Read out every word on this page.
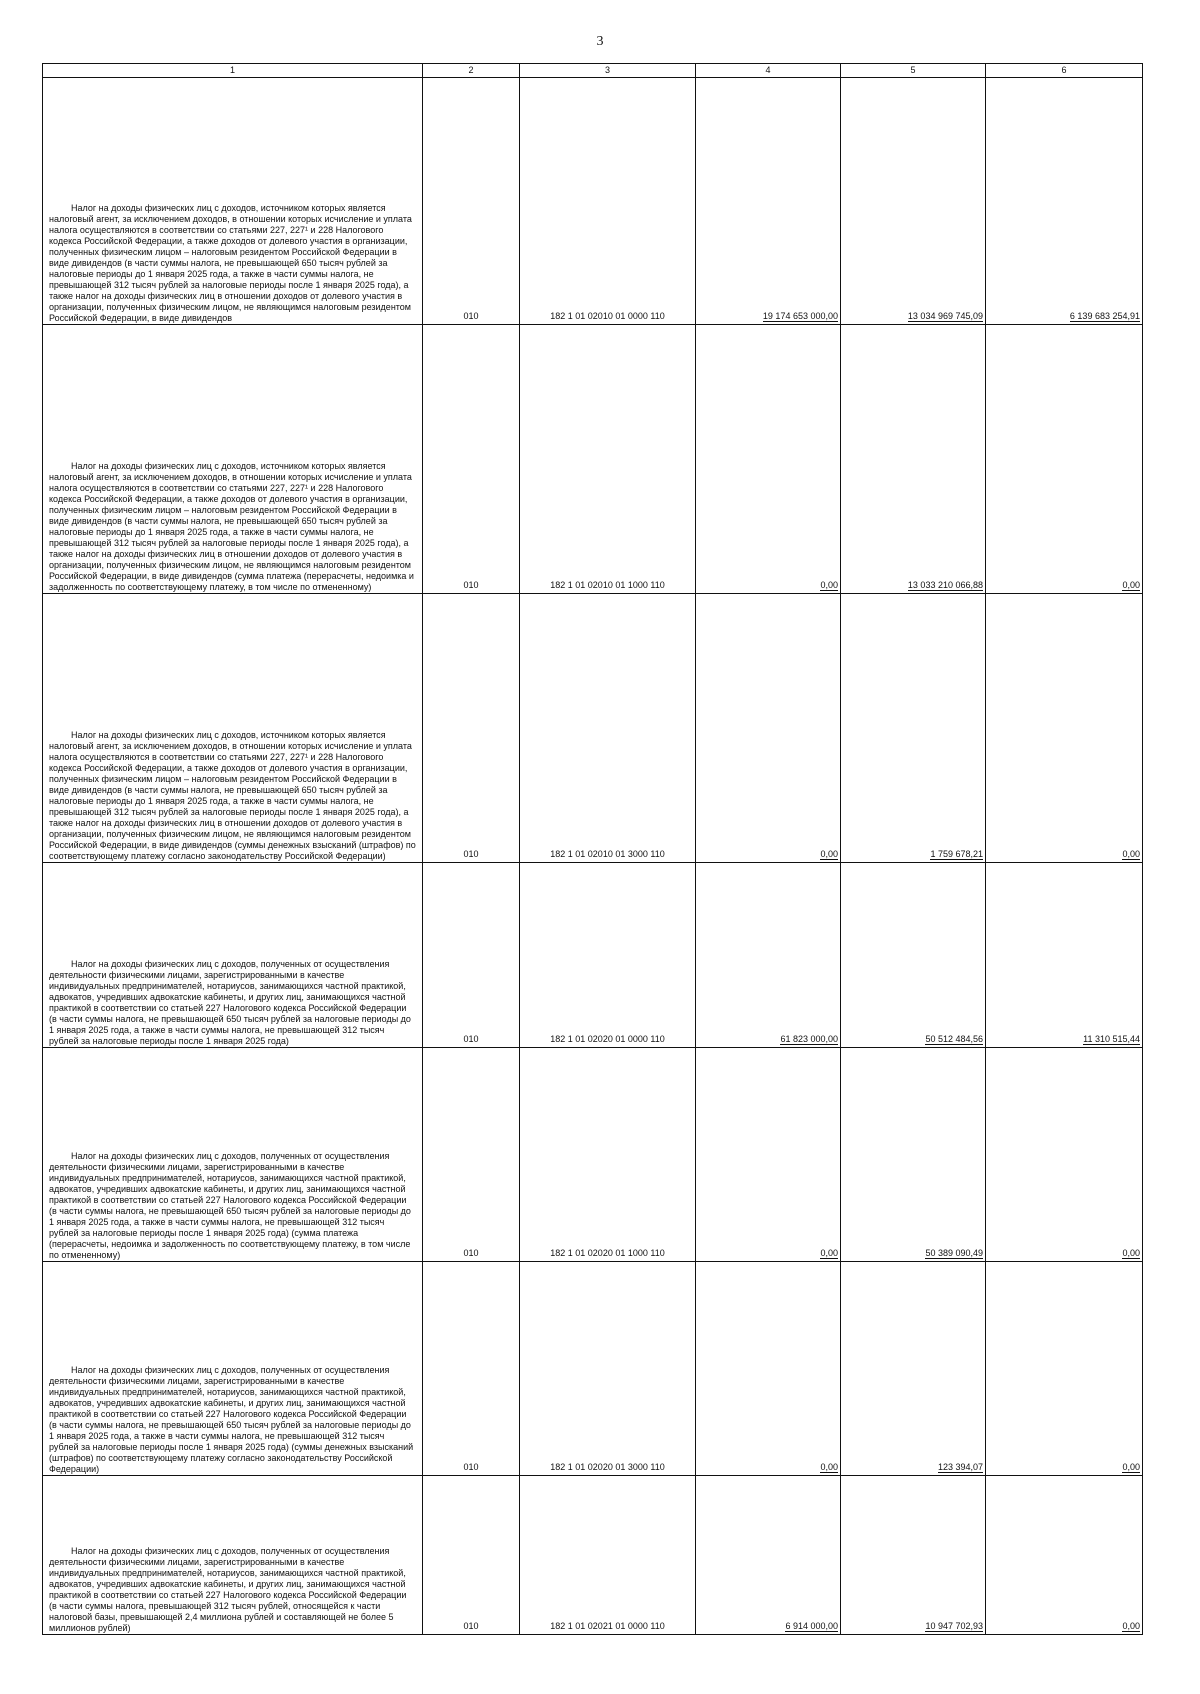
3
1	2	3	4	5	6

Налог на доходы физических лиц с доходов, источником которых является налоговый агент, за исключением доходов, в отношении которых исчисление и уплата налога осуществляются в соответствии со статьями 227, 227¹ и 228 Налогового кодекса Российской Федерации, а также доходов от долевого участия в организации, полученных физическим лицом – налоговым резидентом Российской Федерации в виде дивидендов (в части суммы налога, не превышающей 650 тысяч рублей за налоговые периоды до 1 января 2025 года, а также в части суммы налога, не превышающей 312 тысяч рублей за налоговые периоды после 1 января 2025 года), а также налог на доходы физических лиц в отношении доходов от долевого участия в организации, полученных физическим лицом, не являющимся налоговым резидентом Российской Федерации, в виде дивидендов	010	182 1 01 02010 01 0000 110	19 174 653 000,00	13 034 969 745,09	6 139 683 254,91

Налог на доходы физических лиц с доходов, источником которых является налоговый агент, за исключением доходов, в отношении которых исчисление и уплата налога осуществляются в соответствии со статьями 227, 227¹ и 228 Налогового кодекса Российской Федерации, а также доходов от долевого участия в организации, полученных физическим лицом – налоговым резидентом Российской Федерации в виде дивидендов (в части суммы налога, не превышающей 650 тысяч рублей за налоговые периоды до 1 января 2025 года, а также в части суммы налога, не превышающей 312 тысяч рублей за налоговые периоды после 1 января 2025 года), а также налог на доходы физических лиц в отношении доходов от долевого участия в организации, полученных физическим лицом, не являющимся налоговым резидентом Российской Федерации, в виде дивидендов (сумма платежа (перерасчеты, недоимка и задолженность по соответствующему платежу, в том числе по отмененному)	010	182 1 01 02010 01 1000 110	0,00	13 033 210 066,88	0,00

Налог на доходы физических лиц с доходов, источником которых является налоговый агент, за исключением доходов, в отношении которых исчисление и уплата налога осуществляются в соответствии со статьями 227, 227¹ и 228 Налогового кодекса Российской Федерации, а также доходов от долевого участия в организации, полученных физическим лицом – налоговым резидентом Российской Федерации в виде дивидендов (в части суммы налога, не превышающей 650 тысяч рублей за налоговые периоды до 1 января 2025 года, а также в части суммы налога, не превышающей 312 тысяч рублей за налоговые периоды после 1 января 2025 года), а также налог на доходы физических лиц в отношении доходов от долевого участия в организации, полученных физическим лицом, не являющимся налоговым резидентом Российской Федерации, в виде дивидендов (суммы денежных взысканий (штрафов) по соответствующему платежу согласно законодательству Российской Федерации)	010	182 1 01 02010 01 3000 110	0,00	1 759 678,21	0,00

Налог на доходы физических лиц с доходов, полученных от осуществления деятельности физическими лицами, зарегистрированными в качестве индивидуальных предпринимателей, нотариусов, занимающихся частной практикой, адвокатов, учредивших адвокатские кабинеты, и других лиц, занимающихся частной практикой в соответствии со статьей 227 Налогового кодекса Российской Федерации (в части суммы налога, не превышающей 650 тысяч рублей за налоговые периоды до 1 января 2025 года, а также в части суммы налога, не превышающей 312 тысяч рублей за налоговые периоды после 1 января 2025 года)	010	182 1 01 02020 01 0000 110	61 823 000,00	50 512 484,56	11 310 515,44

Налог на доходы физических лиц с доходов, полученных от осуществления деятельности физическими лицами, зарегистрированными в качестве индивидуальных предпринимателей, нотариусов, занимающихся частной практикой, адвокатов, учредивших адвокатские кабинеты, и других лиц, занимающихся частной практикой в соответствии со статьей 227 Налогового кодекса Российской Федерации (в части суммы налога, не превышающей 650 тысяч рублей за налоговые периоды до 1 января 2025 года, а также в части суммы налога, не превышающей 312 тысяч рублей за налоговые периоды после 1 января 2025 года) (сумма платежа (перерасчеты, недоимка и задолженность по соответствующему платежу, в том числе по отмененному)	010	182 1 01 02020 01 1000 110	0,00	50 389 090,49	0,00

Налог на доходы физических лиц с доходов, полученных от осуществления деятельности физическими лицами, зарегистрированными в качестве индивидуальных предпринимателей, нотариусов, занимающихся частной практикой, адвокатов, учредивших адвокатские кабинеты, и других лиц, занимающихся частной практикой в соответствии со статьей 227 Налогового кодекса Российской Федерации (в части суммы налога, не превышающей 650 тысяч рублей за налоговые периоды до 1 января 2025 года, а также в части суммы налога, не превышающей 312 тысяч рублей за налоговые периоды после 1 января 2025 года) (суммы денежных взысканий (штрафов) по соответствующему платежу согласно законодательству Российской Федерации)	010	182 1 01 02020 01 3000 110	0,00	123 394,07	0,00

Налог на доходы физических лиц с доходов, полученных от осуществления деятельности физическими лицами, зарегистрированными в качестве индивидуальных предпринимателей, нотариусов, занимающихся частной практикой, адвокатов, учредивших адвокатские кабинеты, и других лиц, занимающихся частной практикой в соответствии со статьей 227 Налогового кодекса Российской Федерации (в части суммы налога, превышающей 312 тысяч рублей, относящейся к части налоговой базы, превышающей 2,4 миллиона рублей и составляющей не более 5 миллионов рублей)	010	182 1 01 02021 01 0000 110	6 914 000,00	10 947 702,93	0,00
